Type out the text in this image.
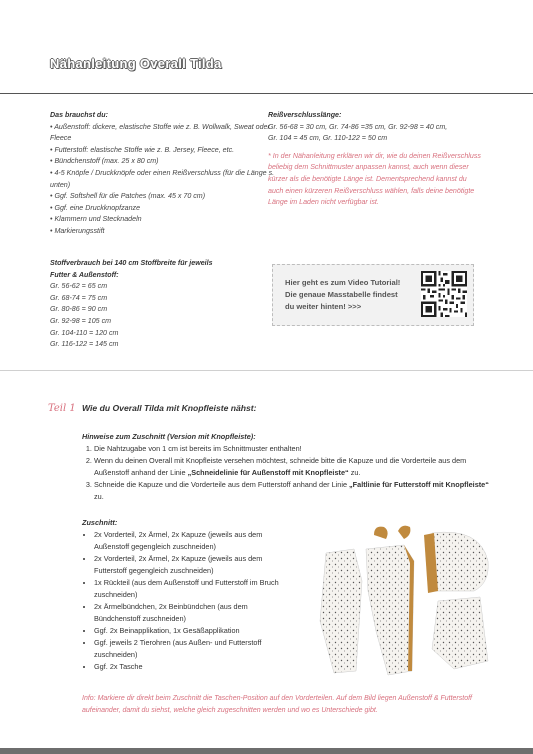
Nähanleitung Overall Tilda
Das brauchst du:
• Außenstoff: dickere, elastische Stoffe wie z. B. Wollwalk, Sweat oder Fleece
• Futterstoff: elastische Stoffe wie z. B. Jersey, Fleece, etc.
• Bündchenstoff (max. 25 x 80 cm)
• 4-5 Knöpfe / Druckknöpfe oder einen Reißverschluss (für die Länge s. unten)
• Ggf. Softshell für die Patches (max. 45 x 70 cm)
• Ggf. eine Druckknopfzanze
• Klammern und Stecknadeln
• Markierungsstift
Reißverschlusslänge:
Gr. 56-68 = 30 cm, Gr. 74-86 =35 cm, Gr. 92-98 = 40 cm,
Gr. 104 = 45 cm, Gr. 110-122 = 50 cm
* In der Nähanleitung erklären wir dir, wie du deinen Reißverschluss beliebig dem Schnittmuster anpassen kannst, auch wenn dieser kürzer als die benötigte Länge ist. Dementsprechend kannst du auch einen kürzeren Reißverschluss wählen, falls deine benötigte Länge im Laden nicht verfügbar ist.
Stoffverbrauch bei 140 cm Stoffbreite für jeweils
Futter & Außenstoff:
Gr. 56-62 = 65 cm
Gr. 68-74 = 75 cm
Gr. 80-86 = 90 cm
Gr. 92-98 = 105 cm
Gr. 104-110 = 120 cm
Gr. 116-122 = 145 cm
Hier geht es zum Video Tutorial!
Die genaue Masstabelle findest
du weiter hinten! >>>
Teil 1 Wie du Overall Tilda mit Knopfleiste nähst:
Hinweise zum Zuschnitt (Version mit Knopfleiste):
1. Die Nahtzugabe von 1 cm ist bereits im Schnittmuster enthalten!
2. Wenn du deinen Overall mit Knopfleiste versehen möchtest, schneide bitte die Kapuze und die Vorderteile aus dem Außenstoff anhand der Linie „Schneidelinie für Außenstoff mit Knopfleiste“ zu.
3. Schneide die Kapuze und die Vorderteile aus dem Futterstoff anhand der Linie „Faltlinie für Futterstoff mit Knopfleiste“ zu.
Zuschnitt:
• 2x Vorderteil, 2x Ärmel, 2x Kapuze (jeweils aus dem Außenstoff gegengleich zuschneiden)
• 2x Vorderteil, 2x Ärmel, 2x Kapuze (jeweils aus dem Futterstoff gegengleich zuschneiden)
• 1x Rückteil (aus dem Außenstoff und Futterstoff im Bruch zuschneiden)
• 2x Ärmelbündchen, 2x Beinbündchen (aus dem Bündchenstoff zuschneiden)
• Ggf. 2x Beinapplikation, 1x Gesäßapplikation
• Ggf. jeweils 2 Tierohren (aus Außen- und Futterstoff zuschneiden)
• Ggf. 2x Tasche
Info: Markiere dir direkt beim Zuschnitt die Taschen-Position auf den Vorderteilen. Auf dem Bild liegen Außenstoff & Futterstoff aufeinander, damit du siehst, welche gleich zugeschnitten werden und wo es Unterschiede gibt.
